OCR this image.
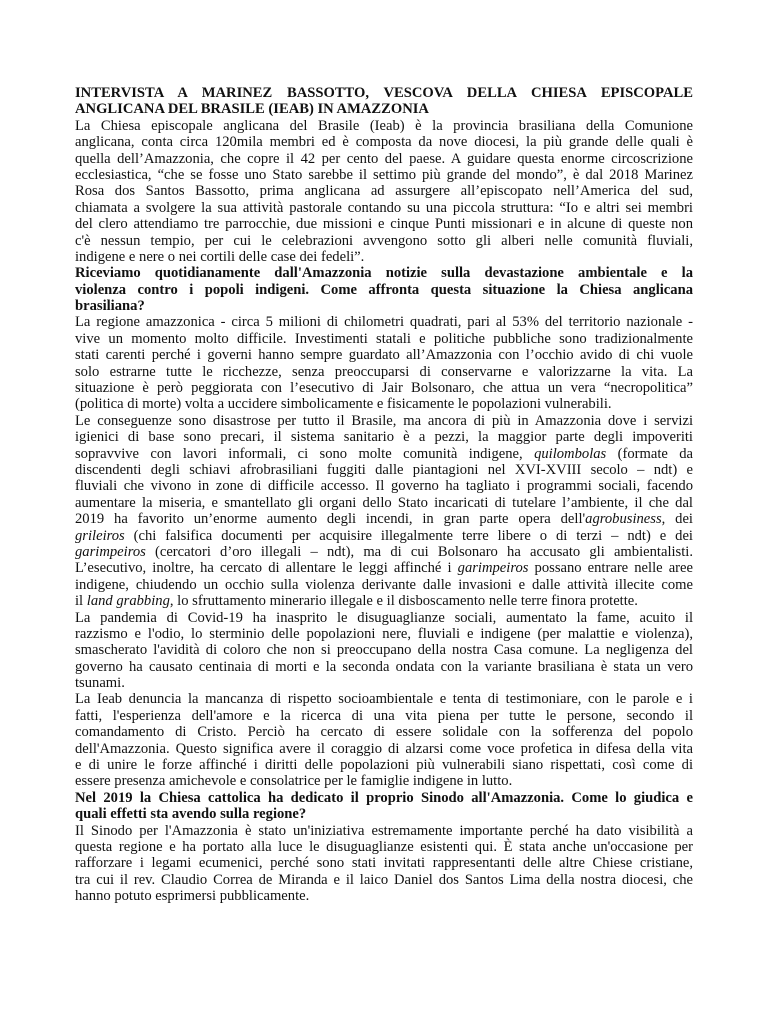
INTERVISTA A MARINEZ BASSOTTO, VESCOVA DELLA CHIESA EPISCOPALE
ANGLICANA DEL BRASILE (IEAB) IN AMAZZONIA
La Chiesa episcopale anglicana del Brasile (Ieab) è la provincia brasiliana della Comunione
anglicana, conta circa 120mila membri ed è composta da nove diocesi, la più grande delle quali è
quella dell’Amazzonia, che copre il 42 per cento del paese. A guidare questa enorme circoscrizione
ecclesiastica, “che se fosse uno Stato sarebbe il settimo più grande del mondo”, è dal 2018 Marinez
Rosa dos Santos Bassotto, prima anglicana ad assurgere all’episcopato nell’America del sud,
chiamata a svolgere la sua attività pastorale contando su una piccola struttura: “Io e altri sei membri
del clero attendiamo tre parrocchie, due missioni e cinque Punti missionari e in alcune di queste non
c'è nessun tempio, per cui le celebrazioni avvengono sotto gli alberi nelle comunità fluviali,
indigene e nere o nei cortili delle case dei fedeli”.
Riceviamo quotidianamente dall'Amazzonia notizie sulla devastazione ambientale e la
violenza contro i popoli indigeni. Come affronta questa situazione la Chiesa anglicana
brasiliana?
La regione amazzonica - circa 5 milioni di chilometri quadrati, pari al 53% del territorio nazionale -
vive un momento molto difficile. Investimenti statali e politiche pubbliche sono tradizionalmente
stati carenti perché i governi hanno sempre guardato all’Amazzonia con l’occhio avido di chi vuole
solo estrarne tutte le ricchezze, senza preoccuparsi di conservarne e valorizzarne la vita. La
situazione è però peggiorata con l’esecutivo di Jair Bolsonaro, che attua un vera “necropolitica”
(politica di morte) volta a uccidere simbolicamente e fisicamente le popolazioni vulnerabili.
Le conseguenze sono disastrose per tutto il Brasile, ma ancora di più in Amazzonia dove i servizi
igienici di base sono precari, il sistema sanitario è a pezzi, la maggior parte degli impoveriti
sopravvive con lavori informali, ci sono molte comunità indigene, quilombolas (formate da
discendenti degli schiavi afrobrasiliani fuggiti dalle piantagioni nel XVI-XVIII secolo – ndt) e
fluviali che vivono in zone di difficile accesso. Il governo ha tagliato i programmi sociali, facendo
aumentare la miseria, e smantellato gli organi dello Stato incaricati di tutelare l’ambiente, il che dal
2019 ha favorito un’enorme aumento degli incendi, in gran parte opera dell'agrobusiness, dei
grileiros (chi falsifica documenti per acquisire illegalmente terre libere o di terzi – ndt) e dei
garimpeiros (cercatori d’oro illegali – ndt), ma di cui Bolsonaro ha accusato gli ambientalisti.
L’esecutivo, inoltre, ha cercato di allentare le leggi affinché i garimpeiros possano entrare nelle aree
indigene, chiudendo un occhio sulla violenza derivante dalle invasioni e dalle attività illecite come
il land grabbing, lo sfruttamento minerario illegale e il disboscamento nelle terre finora protette.
La pandemia di Covid-19 ha inasprito le disuguaglianze sociali, aumentato la fame, acuito il
razzismo e l'odio, lo sterminio delle popolazioni nere, fluviali e indigene (per malattie e violenza),
smascherato l'avidità di coloro che non si preoccupano della nostra Casa comune. La negligenza del
governo ha causato centinaia di morti e la seconda ondata con la variante brasiliana è stata un vero
tsunami.
La Ieab denuncia la mancanza di rispetto socioambientale e tenta di testimoniare, con le parole e i
fatti, l'esperienza dell'amore e la ricerca di una vita piena per tutte le persone, secondo il
comandamento di Cristo. Perciò ha cercato di essere solidale con la sofferenza del popolo
dell'Amazzonia. Questo significa avere il coraggio di alzarsi come voce profetica in difesa della vita
e di unire le forze affinché i diritti delle popolazioni più vulnerabili siano rispettati, così come di
essere presenza amichevole e consolatrice per le famiglie indigene in lutto.
Nel 2019 la Chiesa cattolica ha dedicato il proprio Sinodo all'Amazzonia. Come lo giudica e
quali effetti sta avendo sulla regione?
Il Sinodo per l'Amazzonia è stato un'iniziativa estremamente importante perché ha dato visibilità a
questa regione e ha portato alla luce le disuguaglianze esistenti qui. È stata anche un'occasione per
rafforzare i legami ecumenici, perché sono stati invitati rappresentanti delle altre Chiese cristiane,
tra cui il rev. Claudio Correa de Miranda e il laico Daniel dos Santos Lima della nostra diocesi, che
hanno potuto esprimersi pubblicamente.
